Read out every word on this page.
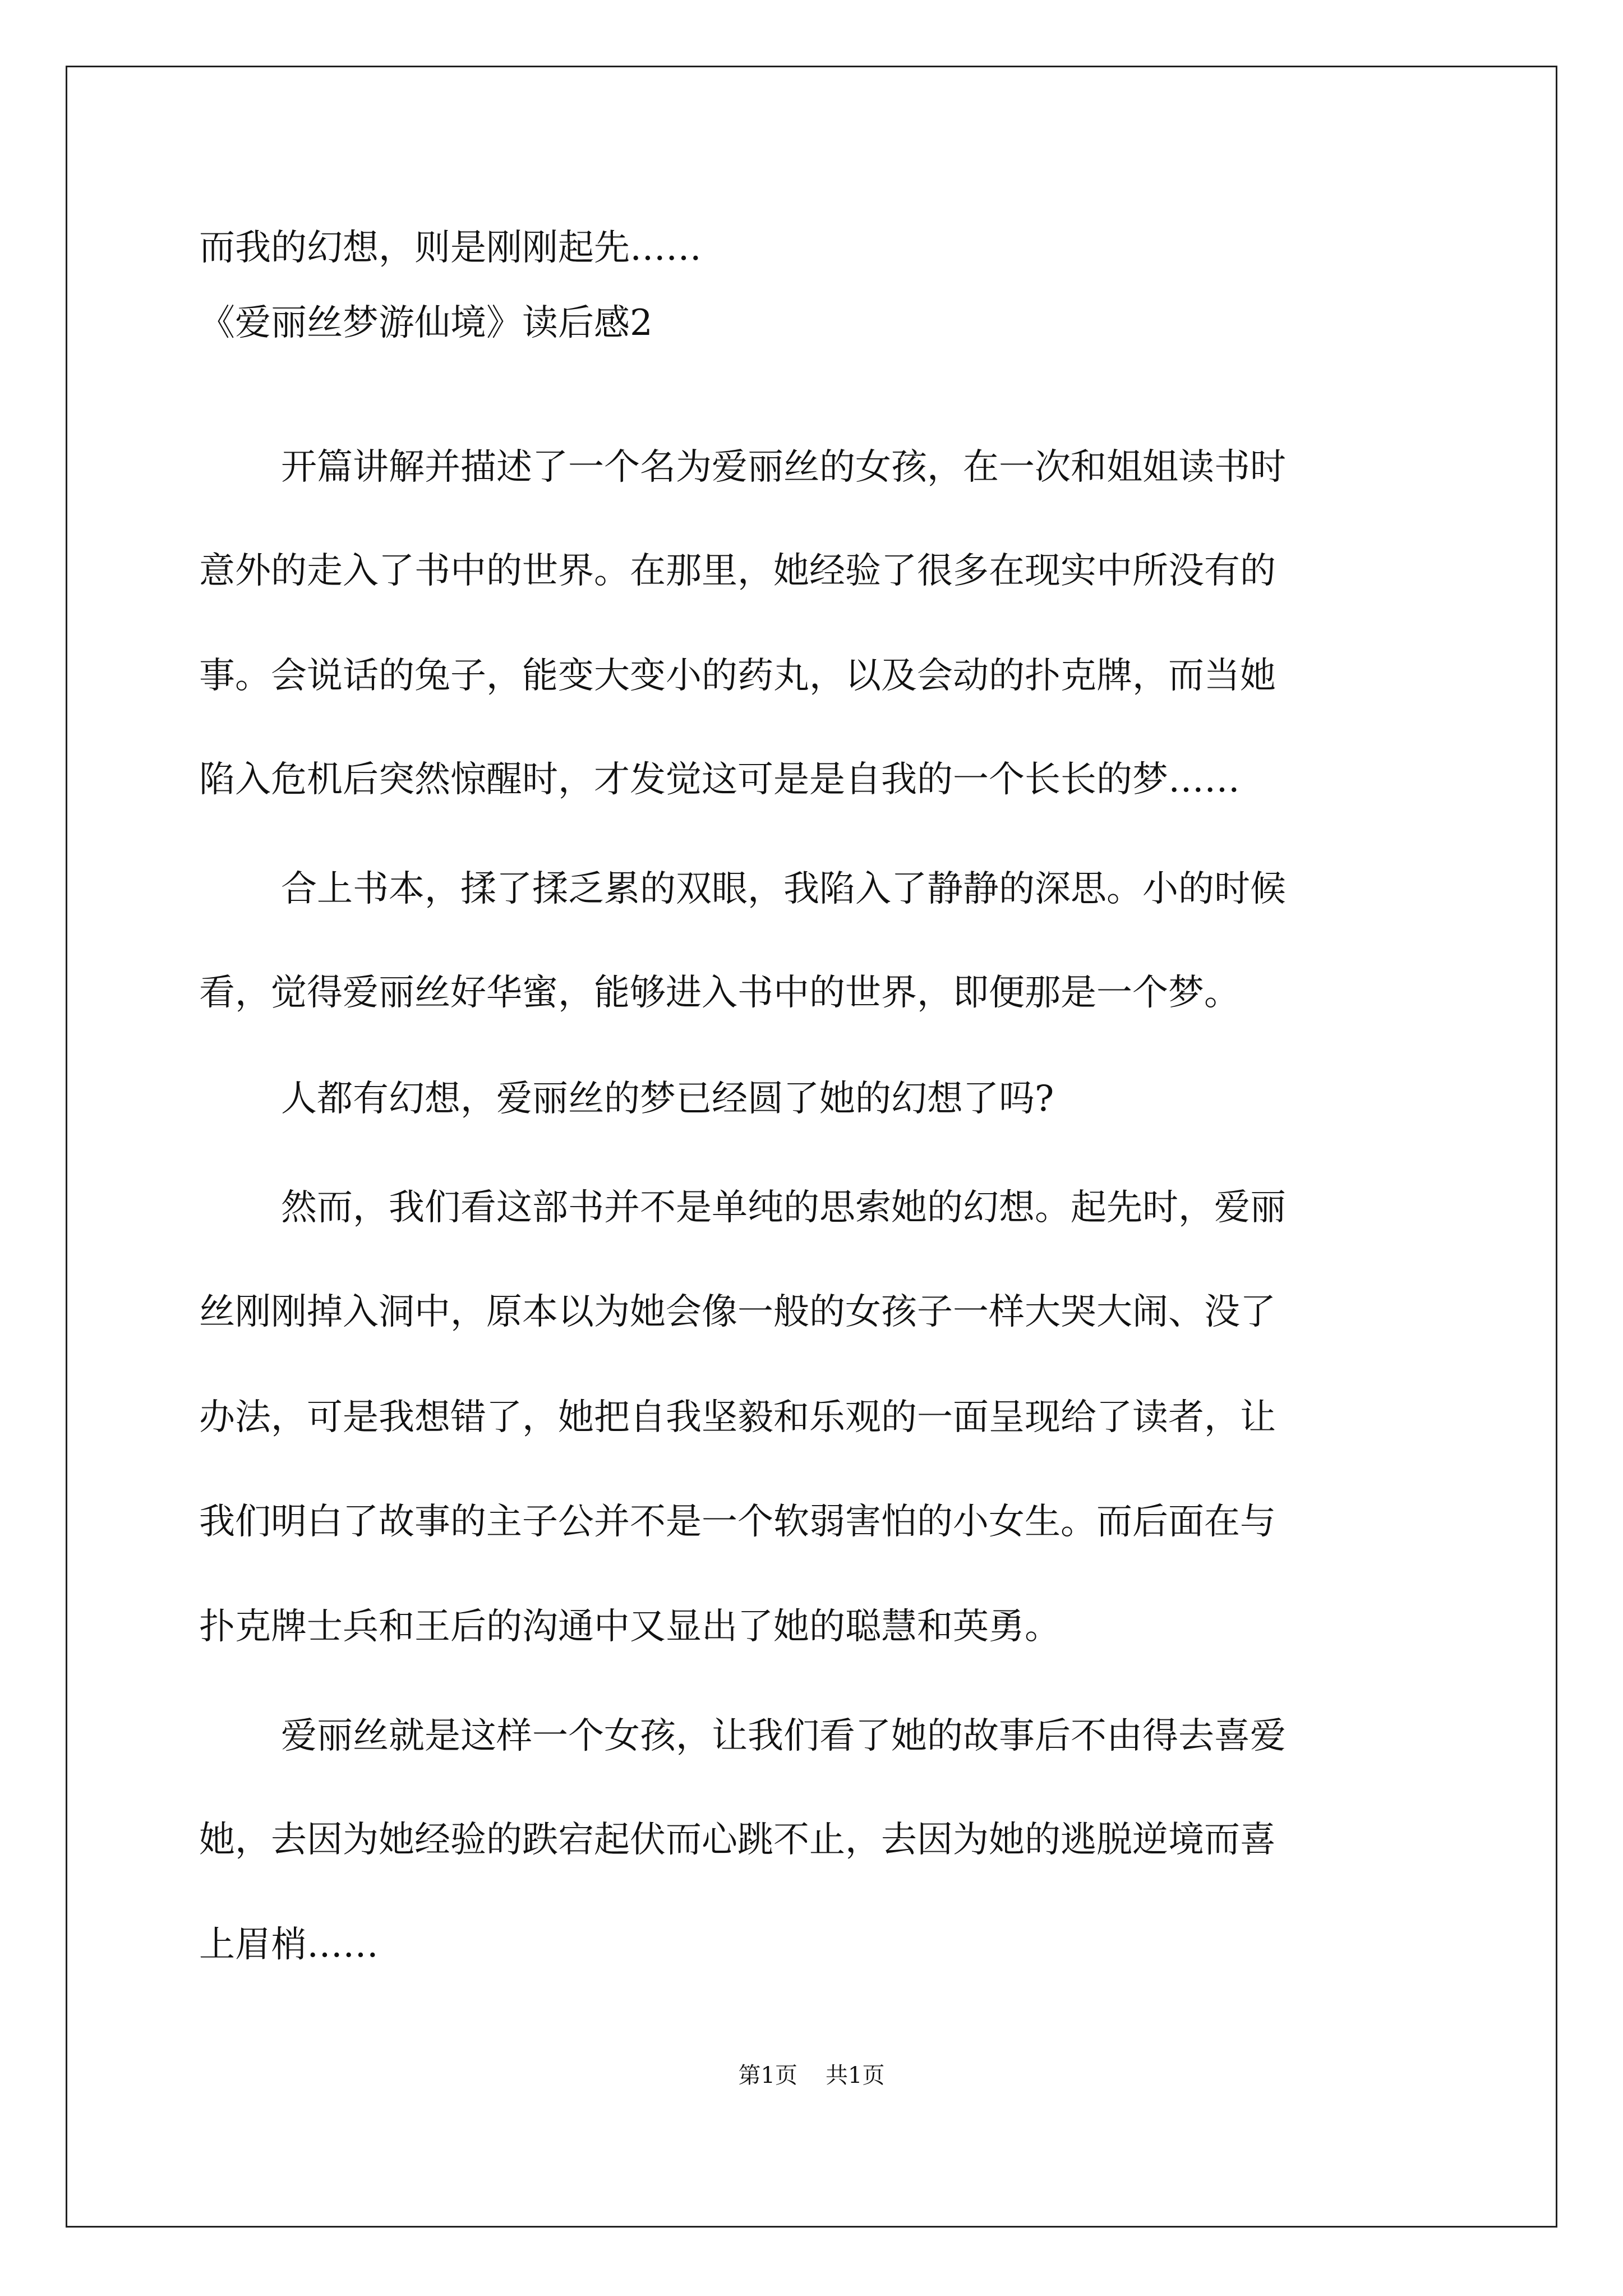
而我的幻想，则是刚刚起先……
《爱丽丝梦游仙境》读后感2
开篇讲解并描述了一个名为爱丽丝的女孩，在一次和姐姐读书时
意外的走入了书中的世界。在那里，她经验了很多在现实中所没有的
事。会说话的兔子，能变大变小的药丸，以及会动的扑克牌，而当她
陷入危机后突然惊醒时，才发觉这可是是自我的一个长长的梦……
合上书本，揉了揉乏累的双眼，我陷入了静静的深思。小的时候
看，觉得爱丽丝好华蜜，能够进入书中的世界，即便那是一个梦。
人都有幻想，爱丽丝的梦已经圆了她的幻想了吗?
然而，我们看这部书并不是单纯的思索她的幻想。起先时，爱丽
丝刚刚掉入洞中，原本以为她会像一般的女孩子一样大哭大闹、没了
办法，可是我想错了，她把自我坚毅和乐观的一面呈现给了读者，让
我们明白了故事的主子公并不是一个软弱害怕的小女生。而后面在与
扑克牌士兵和王后的沟通中又显出了她的聪慧和英勇。
爱丽丝就是这样一个女孩，让我们看了她的故事后不由得去喜爱
她，去因为她经验的跌宕起伏而心跳不止，去因为她的逃脱逆境而喜
上眉梢……
第1页 共1页
